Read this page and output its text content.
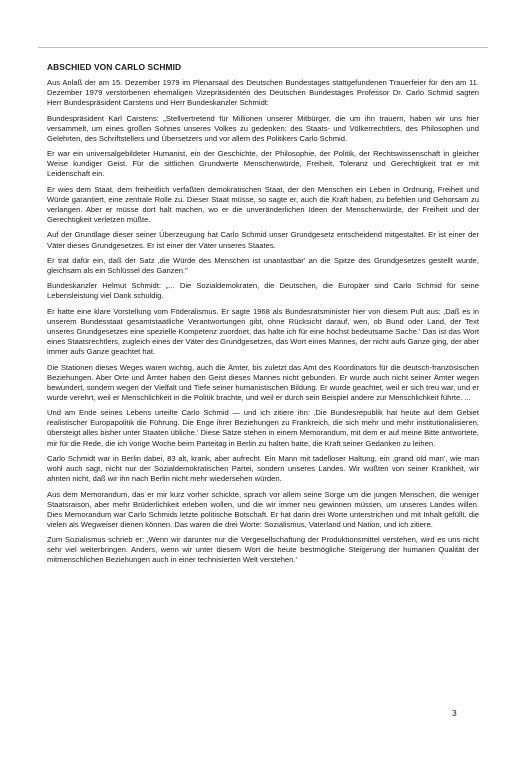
ABSCHIED VON CARLO SCHMID

Aus Anlaß der am 15. Dezember 1979 im Plenarsaal des Deutschen Bundestages stattgefundenen Trauerfeier für den am 11. Dezember 1979 verstorbenen ehemaligen Vizepräsidenten des Deutschen Bundestages Professor Dr. Carlo Schmid sagten Herr Bundespräsident Carstens und Herr Bundeskanzler Schmidt:

Bundespräsident Karl Carstens: „Stellvertretend für Millionen unserer Mitbürger, die um ihn trauern, haben wir uns hier versammelt, um eines großen Sohnes unseres Volkes zu gedenken: des Staats- und Völkerrechtlers, des Philosophen und Gelehrten, des Schriftstellers und Übersetzers und vor allem des Politikers Carlo Schmid.

Er war ein universalgebildeter Humanist, ein der Geschichte, der Philosophie, der Politik, der Rechtswissenschaft in gleicher Weise kundiger Geist. Für die sittlichen Grundwerte Menschenwürde, Freiheit, Toleranz und Gerechtigkeit trat er mit Leidenschaft ein.

Er wies dem Staat, dem freiheitlich verfaßten demokratischen Staat, der den Menschen ein Leben in Ordnung, Freiheit und Würde garantiert, eine zentrale Rolle zu. Dieser Staat müsse, so sagte er, auch die Kraft haben, zu befehlen und Gehorsam zu verlangen. Aber er müsse dort halt machen, wo er die unveränderlichen Ideen der Menschenwürde, der Freiheit und der Gerechtigkeit verletzen müßte.

Auf der Grundlage dieser seiner Überzeugung hat Carlo Schmid unser Grundgesetz entscheidend mitgestaltet. Er ist einer der Väter dieses Grundgesetzes. Er ist einer der Väter unseres Staates.

Er trat dafür ein, daß der Satz ‚die Würde des Menschen ist unantastbar' an die Spitze des Grundgesetzes gestellt wurde, gleichsam als ein Schlüssel des Ganzen."

Bundeskanzler Helmut Schmidt: „... Die Sozialdemokraten, die Deutschen, die Europäer sind Carlo Schmid für seine Lebensleistung viel Dank schuldig.

Er hatte eine klare Vorstellung vom Föderalismus. Er sagte 1968 als Bundesratsminister hier von diesem Pult aus: ‚Daß es in unserem Bundesstaat gesamtstaatliche Verantwortungen gibt, ohne Rücksicht darauf, wen, ob Bund oder Land, der Text unseres Grundgesetzes eine spezielle Kompetenz zuordnet, das halte ich für eine höchst bedeutsame Sache.' Das ist das Wort eines Staatsrechtlers, zugleich eines der Väter des Grundgesetzes, das Wort eines Mannes, der nicht aufs Ganze ging, der aber immer aufs Ganze geachtet hat.

Die Stationen dieses Weges waren wichtig, auch die Ämter, bis zuletzt das Amt des Koordinators für die deutsch-französischen Beziehungen. Aber Orte und Ämter haben den Geist dieses Mannes nicht gebunden. Er wurde auch nicht seiner Ämter wegen bewundert, sondern wegen der Vielfalt und Tiefe seiner humanistischen Bildung. Er wurde geachtet, weil er sich treu war, und er wurde verehrt, weil er Menschlichkeit in die Politik brachte, und weil er durch sein Beispiel andere zur Menschlichkeit führte. ...

Und am Ende seines Lebens urteilte Carlo Schmid — und ich zitiere ihn: ‚Die Bundesrepublik hat heute auf dem Gebiet realistischer Europapolitik die Führung. Die Enge ihrer Beziehungen zu Frankreich, die sich mehr und mehr institutionalisieren, übersteigt alles bisher unter Staaten übliche.' Diese Sätze stehen in einem Memorandum, mit dem er auf meine Bitte antwortete, mir für die Rede, die ich vorige Woche beim Parteitag in Berlin zu halten hatte, die Kraft seiner Gedanken zu leihen.

Carlo Schmidt war in Berlin dabei, 83 alt, krank, aber aufrecht. Ein Mann mit tadelloser Haltung, ein ‚grand old man', wie man wohl auch sagt, nicht nur der Sozialdemokratischen Partei, sondern unseres Landes. Wir wußten von seiner Krankheit, wir ahnten nicht, daß wir ihn nach Berlin nicht mehr wiedersehen würden.

Aus dem Memorandum, das er mir kurz vorher schickte, sprach vor allem seine Sorge um die jungen Menschen, die weniger Staatsraison, aber mehr Brüderlichkeit erleben wollen, und die wir immer neu gewinnen müssen, um unseres Landes willen. Dies Memorandum war Carlo Schmids letzte politische Botschaft. Er hat darin drei Worte unterstrichen und mit Inhalt gefüllt, die vielen als Wegweiser dienen können. Das waren die drei Worte: Sozialismus, Vaterland und Nation, und ich zitiere.

Zum Sozialismus schrieb er: ‚Wenn wir darunter nur die Vergesellschaftung der Produktionsmittel verstehen, wird es uns nicht sehr viel weiterbringen. Anders, wenn wir unter diesem Wort die heute bestmögliche Steigerung der humanen Qualität der mitmenschlichen Beziehungen auch in einer technisierten Welt verstehen.'

3
